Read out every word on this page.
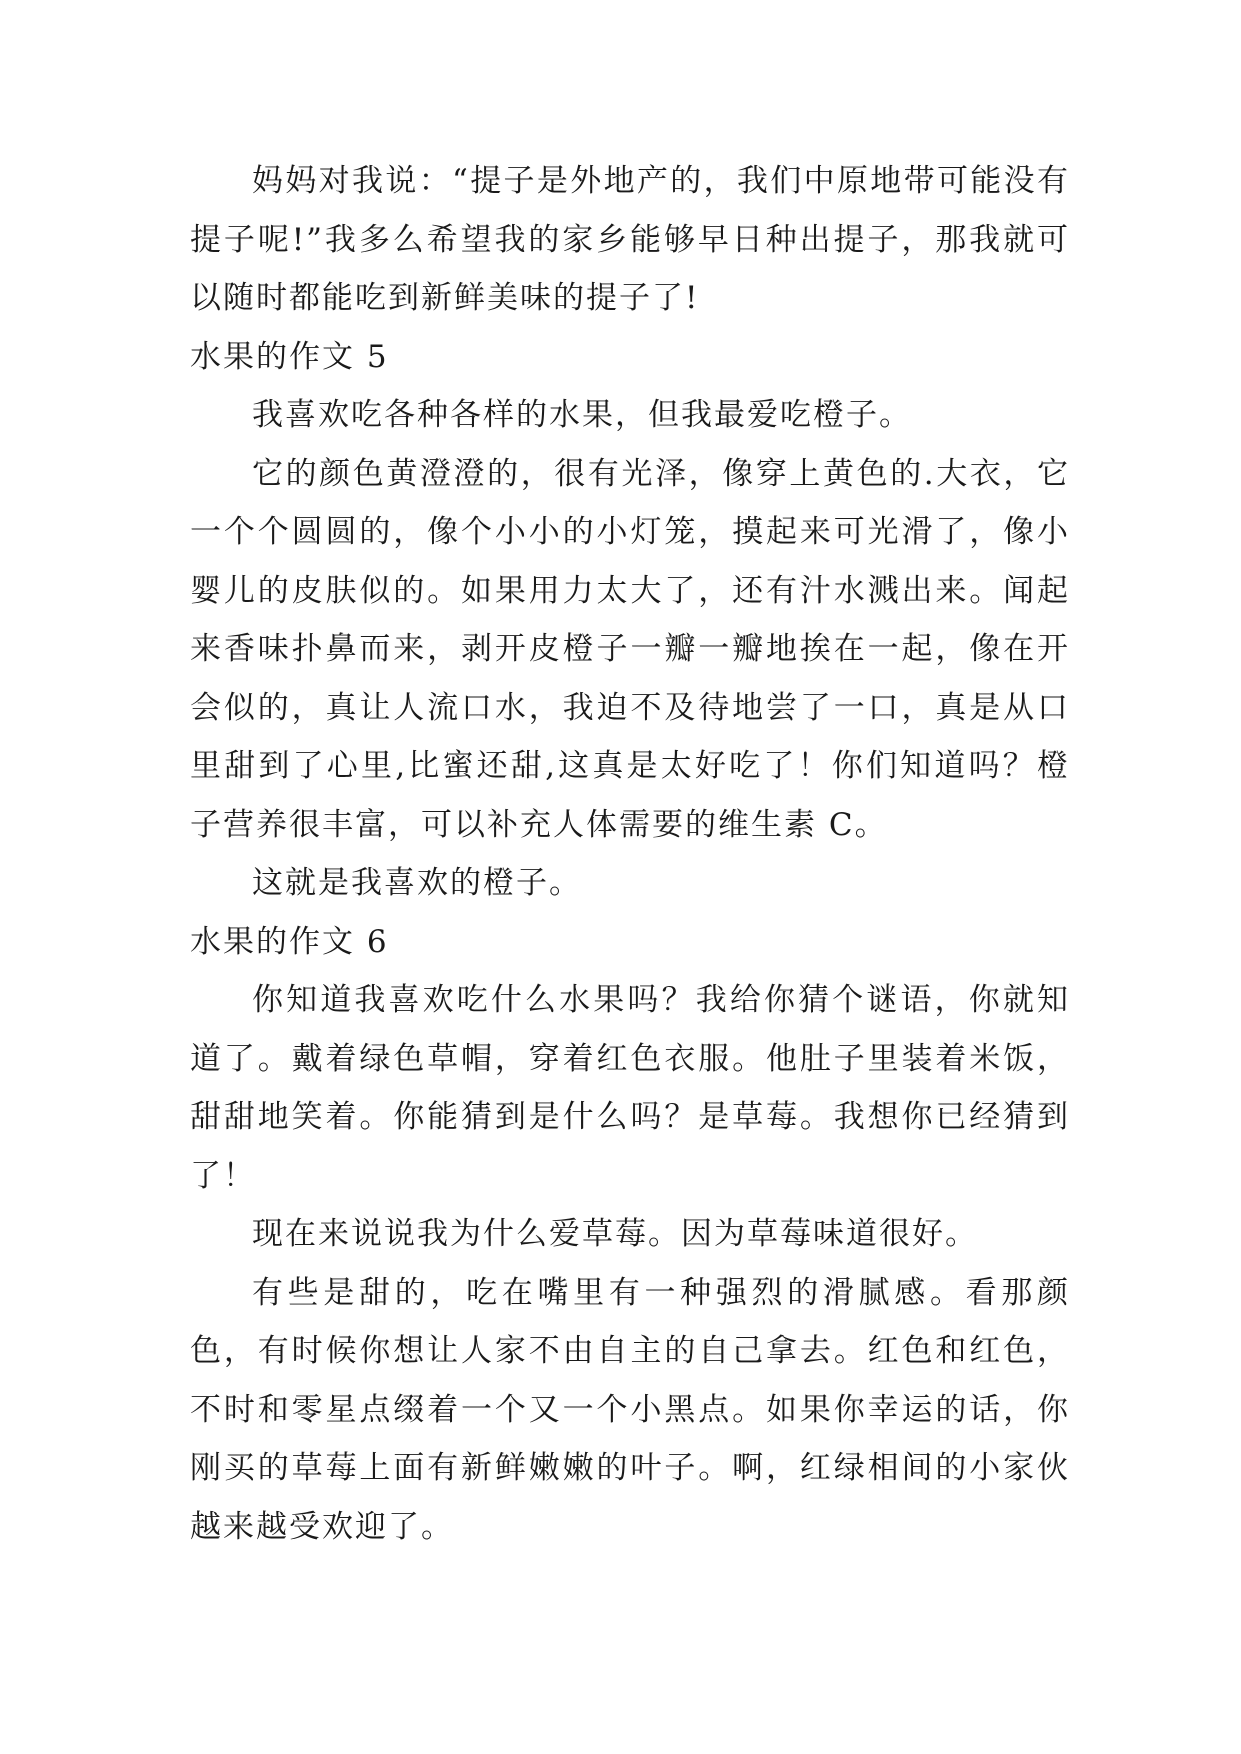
妈妈对我说：“提子是外地产的，我们中原地带可能没有提子呢!”我多么希望我的家乡能够早日种出提子，那我就可以随时都能吃到新鲜美味的提子了!

水果的作文 5

我喜欢吃各种各样的水果，但我最爱吃橙子。

它的颜色黄澄澄的，很有光泽，像穿上黄色的.大衣，它一个个圆圆的，像个小小的小灯笼，摸起来可光滑了，像小婴儿的皮肤似的。如果用力太大了，还有汁水溅出来。闻起来香味扑鼻而来，剥开皮橙子一瓣一瓣地挨在一起，像在开会似的，真让人流口水，我迫不及待地尝了一口，真是从口里甜到了心里,比蜜还甜,这真是太好吃了！你们知道吗？橙子营养很丰富，可以补充人体需要的维生素 C。

这就是我喜欢的橙子。

水果的作文 6

你知道我喜欢吃什么水果吗？我给你猜个谜语，你就知道了。戴着绿色草帽，穿着红色衣服。他肚子里装着米饭，甜甜地笑着。你能猜到是什么吗？是草莓。我想你已经猜到了！

现在来说说我为什么爱草莓。因为草莓味道很好。

有些是甜的，吃在嘴里有一种强烈的滑腻感。看那颜色，有时候你想让人家不由自主的自己拿去。红色和红色，不时和零星点缀着一个又一个小黑点。如果你幸运的话，你刚买的草莓上面有新鲜嫩嫩的叶子。啊，红绿相间的小家伙越来越受欢迎了。
